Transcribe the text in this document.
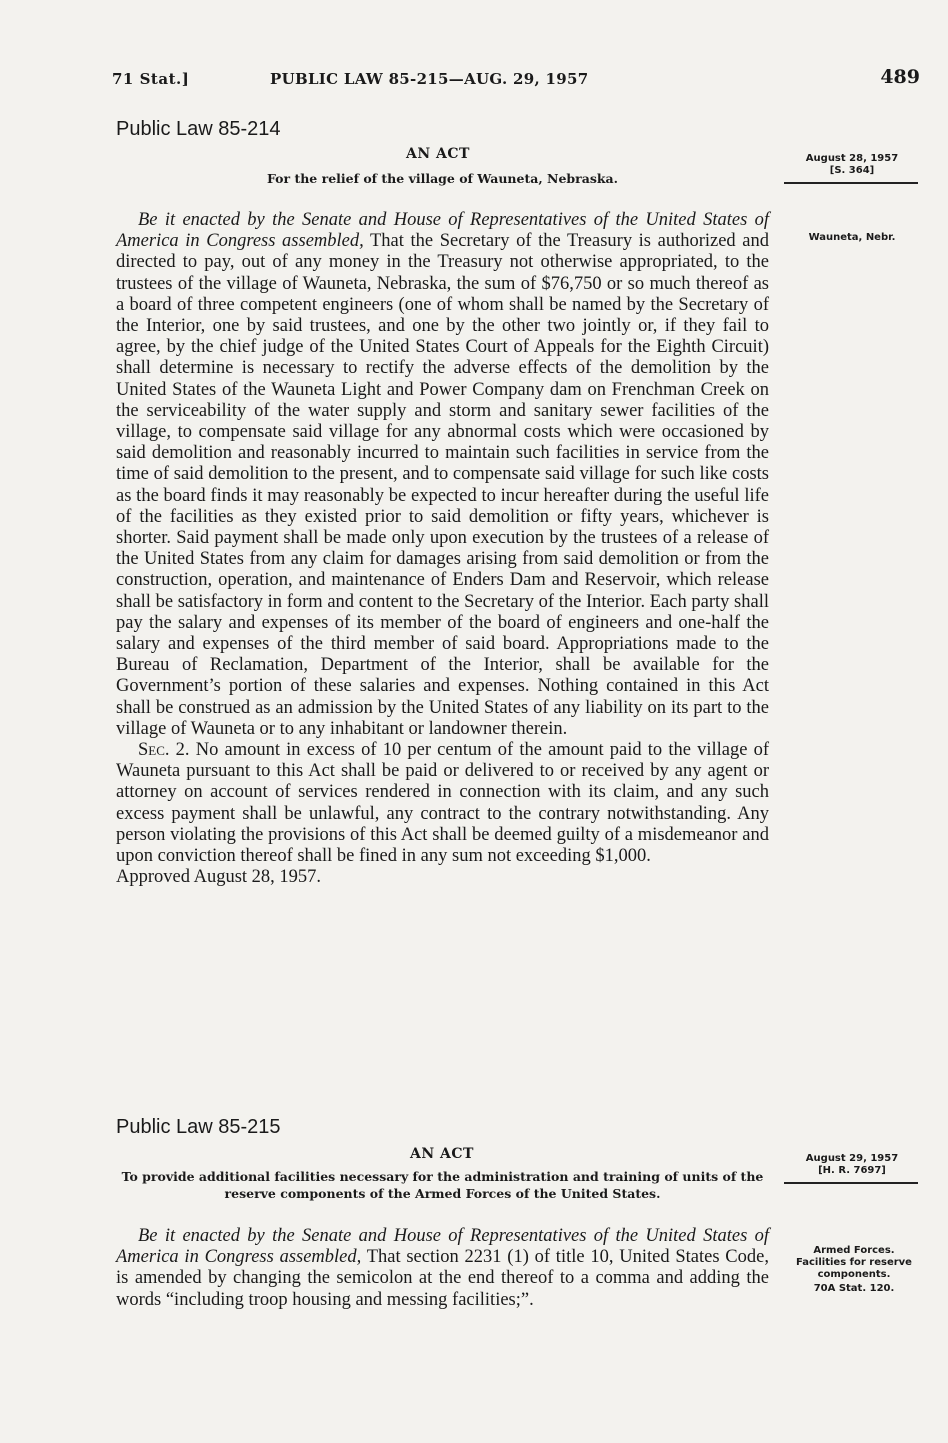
71 Stat.]	PUBLIC LAW 85-215—AUG. 29, 1957	489
Public Law 85-214
AN ACT
For the relief of the village of Wauneta, Nebraska.
August 28, 1957
[S. 364]
Wauneta, Nebr.

Be it enacted by the Senate and House of Representatives of the United States of America in Congress assembled, That the Secretary of the Treasury is authorized and directed to pay, out of any money in the Treasury not otherwise appropriated, to the trustees of the village of Wauneta, Nebraska, the sum of $76,750 or so much thereof as a board of three competent engineers (one of whom shall be named by the Secretary of the Interior, one by said trustees, and one by the other two jointly or, if they fail to agree, by the chief judge of the United States Court of Appeals for the Eighth Circuit) shall determine is necessary to rectify the adverse effects of the demolition by the United States of the Wauneta Light and Power Company dam on Frenchman Creek on the serviceability of the water supply and storm and sanitary sewer facilities of the village, to compensate said village for any abnormal costs which were occasioned by said demolition and reasonably incurred to maintain such facilities in service from the time of said demolition to the present, and to compensate said village for such like costs as the board finds it may reasonably be expected to incur hereafter during the useful life of the facilities as they existed prior to said demolition or fifty years, whichever is shorter. Said payment shall be made only upon execution by the trustees of a release of the United States from any claim for damages arising from said demolition or from the construction, operation, and maintenance of Enders Dam and Reservoir, which release shall be satisfactory in form and content to the Secretary of the Interior. Each party shall pay the salary and expenses of its member of the board of engineers and one-half the salary and expenses of the third member of said board. Appropriations made to the Bureau of Reclamation, Department of the Interior, shall be available for the Government’s portion of these salaries and expenses. Nothing contained in this Act shall be construed as an admission by the United States of any liability on its part to the village of Wauneta or to any inhabitant or landowner therein.

Sec. 2. No amount in excess of 10 per centum of the amount paid to the village of Wauneta pursuant to this Act shall be paid or delivered to or received by any agent or attorney on account of services rendered in connection with its claim, and any such excess payment shall be unlawful, any contract to the contrary notwithstanding. Any person violating the provisions of this Act shall be deemed guilty of a misdemeanor and upon conviction thereof shall be fined in any sum not exceeding $1,000.

Approved August 28, 1957.

Public Law 85-215
AN ACT
To provide additional facilities necessary for the administration and training of units of the reserve components of the Armed Forces of the United States.
August 29, 1957
[H. R. 7697]
Armed Forces.
Facilities for reserve components.
70A Stat. 120.

Be it enacted by the Senate and House of Representatives of the United States of America in Congress assembled, That section 2231 (1) of title 10, United States Code, is amended by changing the semicolon at the end thereof to a comma and adding the words “including troop housing and messing facilities;”.
